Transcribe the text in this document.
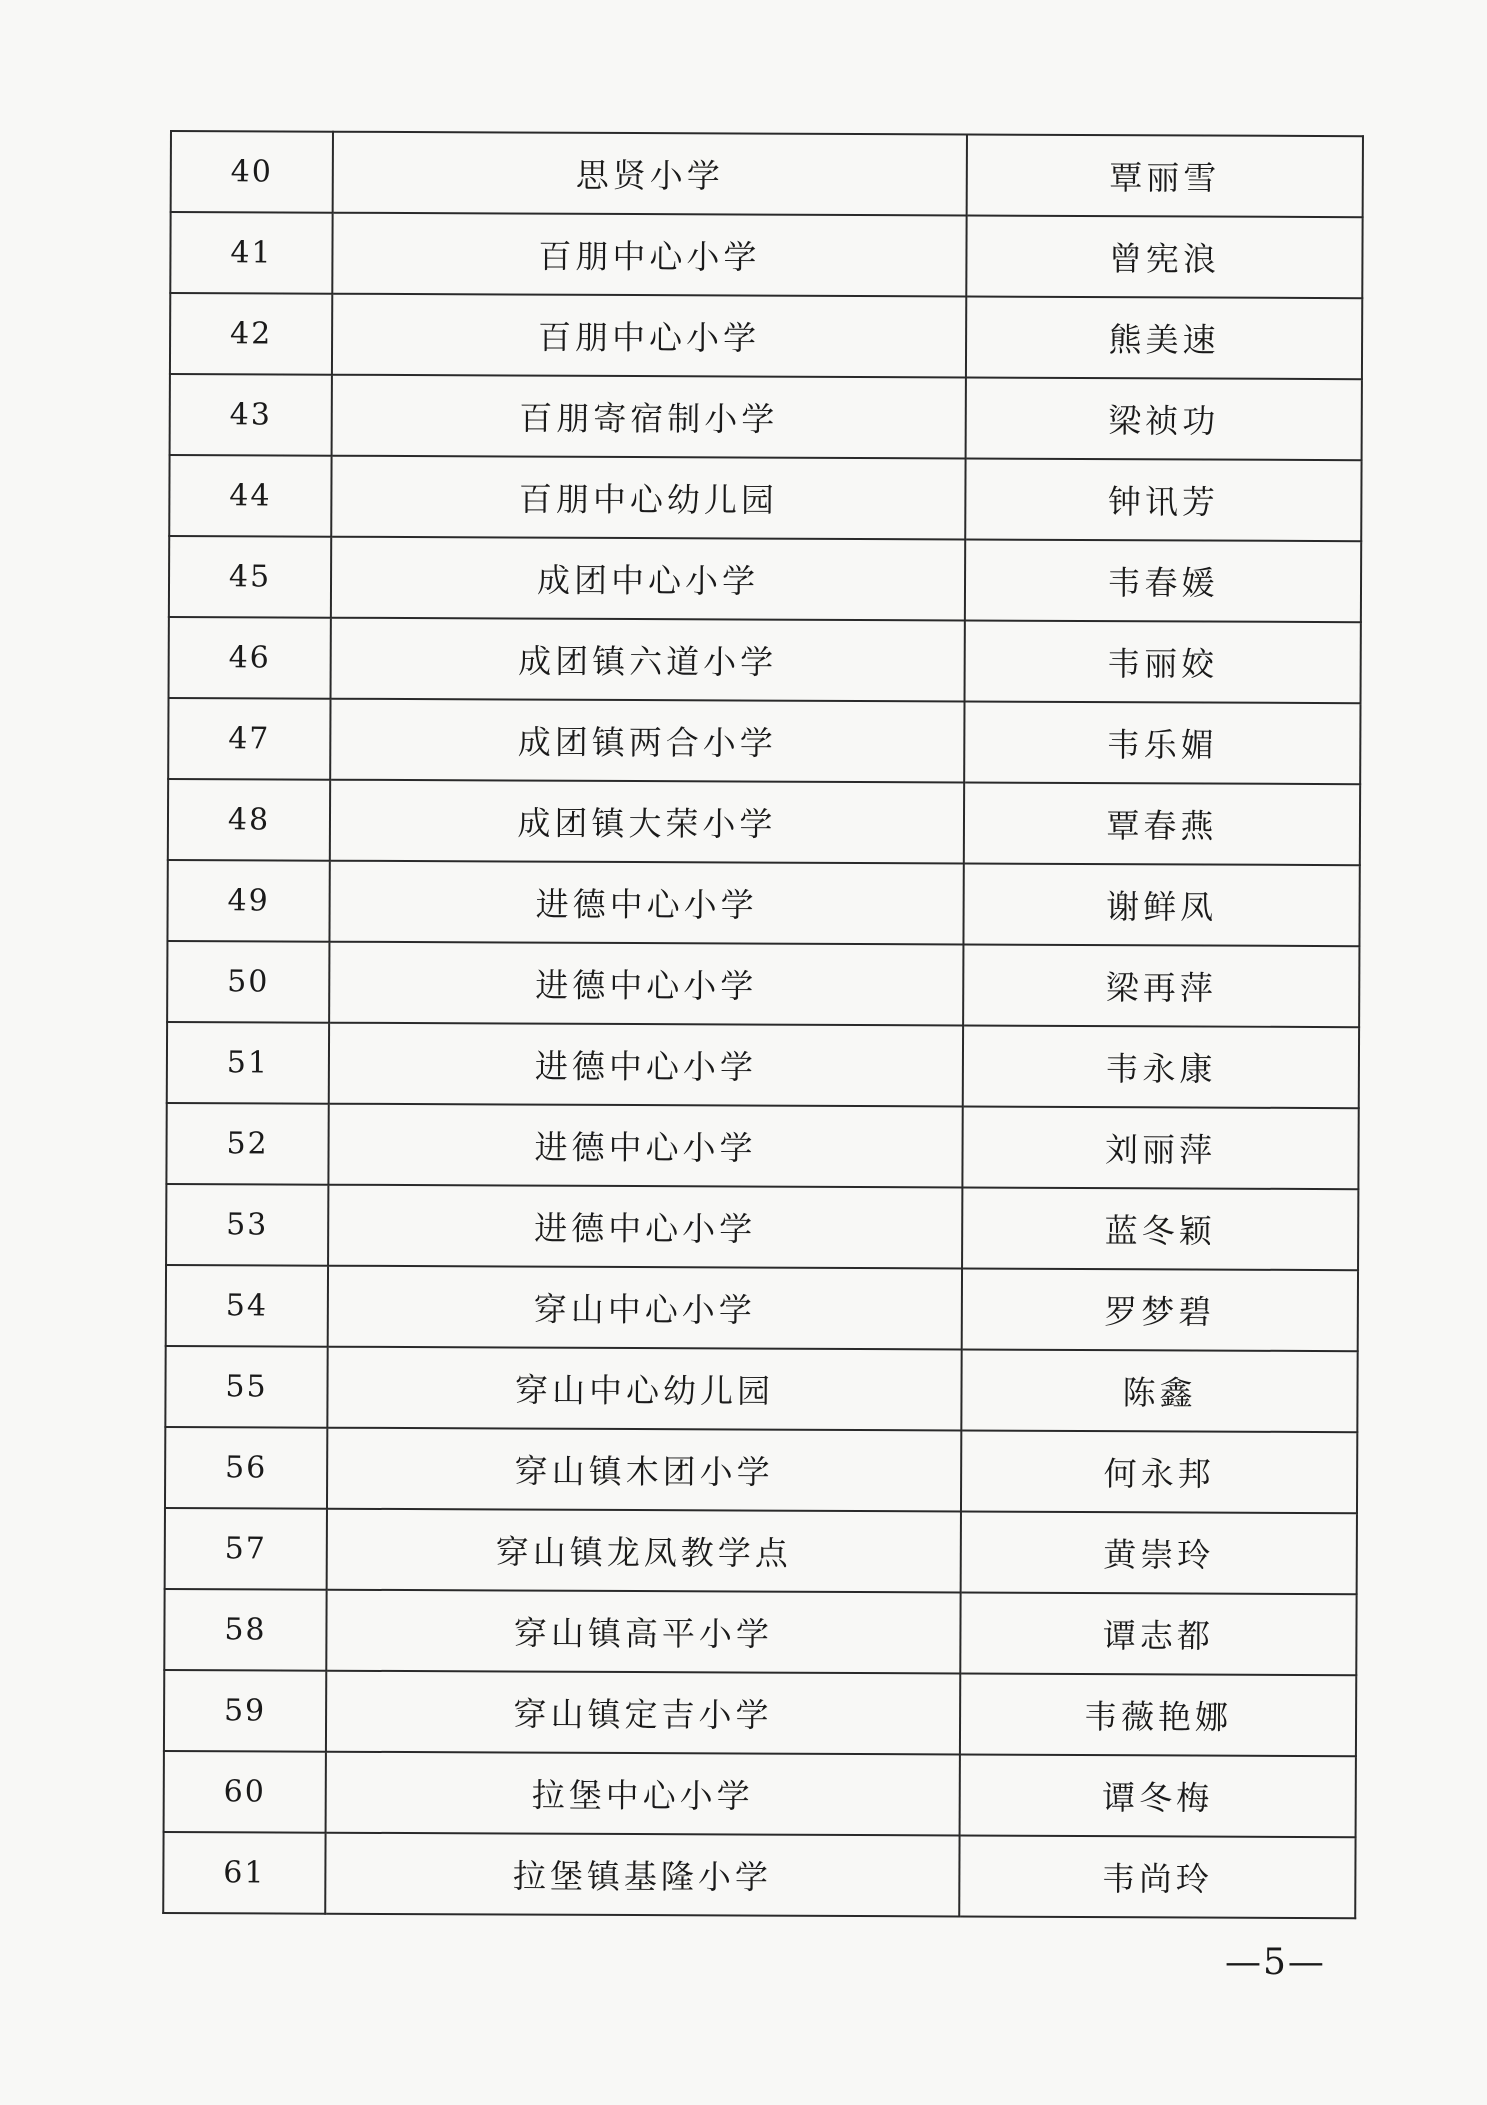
40	思贤小学	覃丽雪
41	百朋中心小学	曾宪浪
42	百朋中心小学	熊美速
43	百朋寄宿制小学	梁祯功
44	百朋中心幼儿园	钟讯芳
45	成团中心小学	韦春媛
46	成团镇六道小学	韦丽姣
47	成团镇两合小学	韦乐媚
48	成团镇大荣小学	覃春燕
49	进德中心小学	谢鲜凤
50	进德中心小学	梁再萍
51	进德中心小学	韦永康
52	进德中心小学	刘丽萍
53	进德中心小学	蓝冬颖
54	穿山中心小学	罗梦碧
55	穿山中心幼儿园	陈鑫
56	穿山镇木团小学	何永邦
57	穿山镇龙凤教学点	黄崇玲
58	穿山镇高平小学	谭志都
59	穿山镇定吉小学	韦薇艳娜
60	拉堡中心小学	谭冬梅
61	拉堡镇基隆小学	韦尚玲
—5—
